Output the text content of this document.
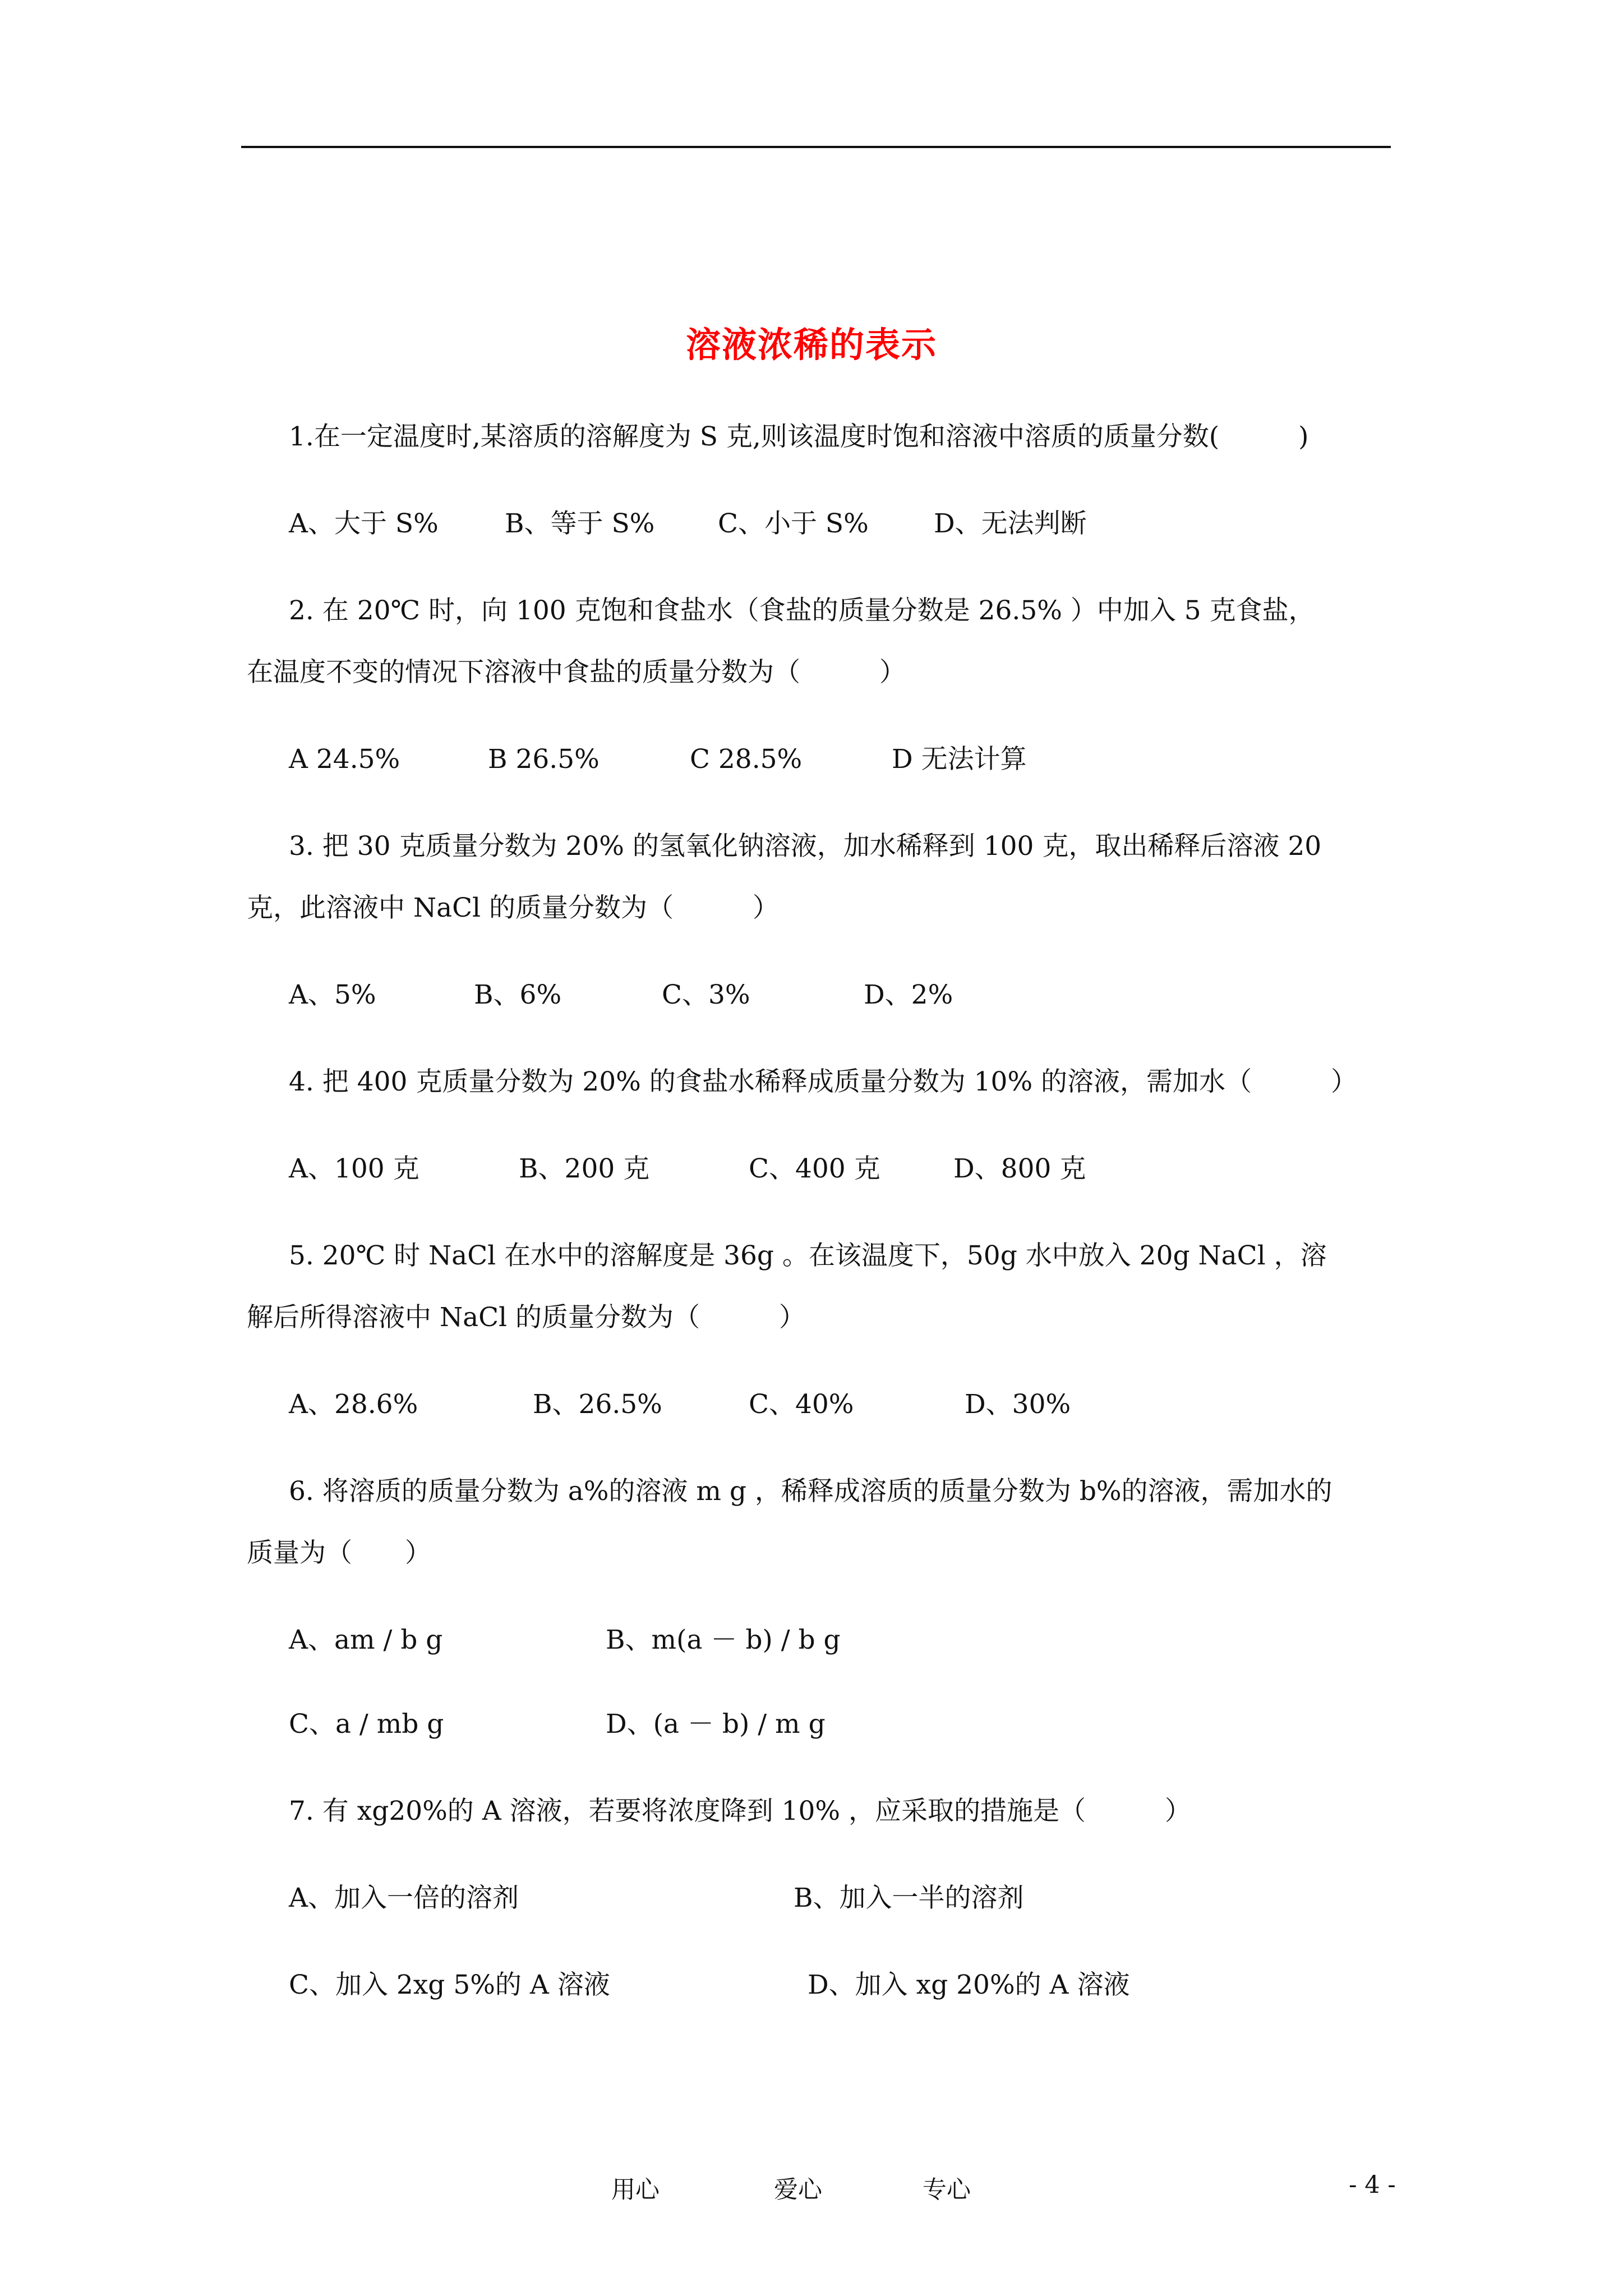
溶液浓稀的表示
1.在一定温度时,某溶质的溶解度为 S 克,则该温度时饱和溶液中溶质的质量分数(　　　)
A、大于 S%	B、等于 S% C、小于 S% D、无法判断
2. 在 20℃ 时，向 100 克饱和食盐水（食盐的质量分数是 26.5% ）中加入 5 克食盐，
在温度不变的情况下溶液中食盐的质量分数为（　　　）
A 24.5%	B 26.5%	C 28.5%	D 无法计算
3. 把 30 克质量分数为 20% 的氢氧化钠溶液，加水稀释到 100 克，取出稀释后溶液 20
克，此溶液中 NaCl 的质量分数为（　　　）
A、5%	B、6%	C、3%	D、2%
4. 把 400 克质量分数为 20% 的食盐水稀释成质量分数为 10% 的溶液，需加水（　　　）
A、100 克	B、200 克	C、400 克	D、800 克
5. 20℃ 时 NaCl 在水中的溶解度是 36g 。在该温度下，50g 水中放入 20g NaCl ，溶
解后所得溶液中 NaCl 的质量分数为（　　　）
A、28.6%	B、26.5%	C、40%	D、30%
6. 将溶质的质量分数为 a%的溶液 m g ，稀释成溶质的质量分数为 b%的溶液，需加水的
质量为（　　）
A、am / b g	B、m(a － b) / b g
C、a / mb g	D、(a － b) / m g
7. 有 xg20%的 A 溶液，若要将浓度降到 10% ，应采取的措施是（　　　）
A、加入一倍的溶剂	B、加入一半的溶剂
C、加入 2xg 5%的 A 溶液	D、加入 xg 20%的 A 溶液
用心	爱心	专心	- 4 -
